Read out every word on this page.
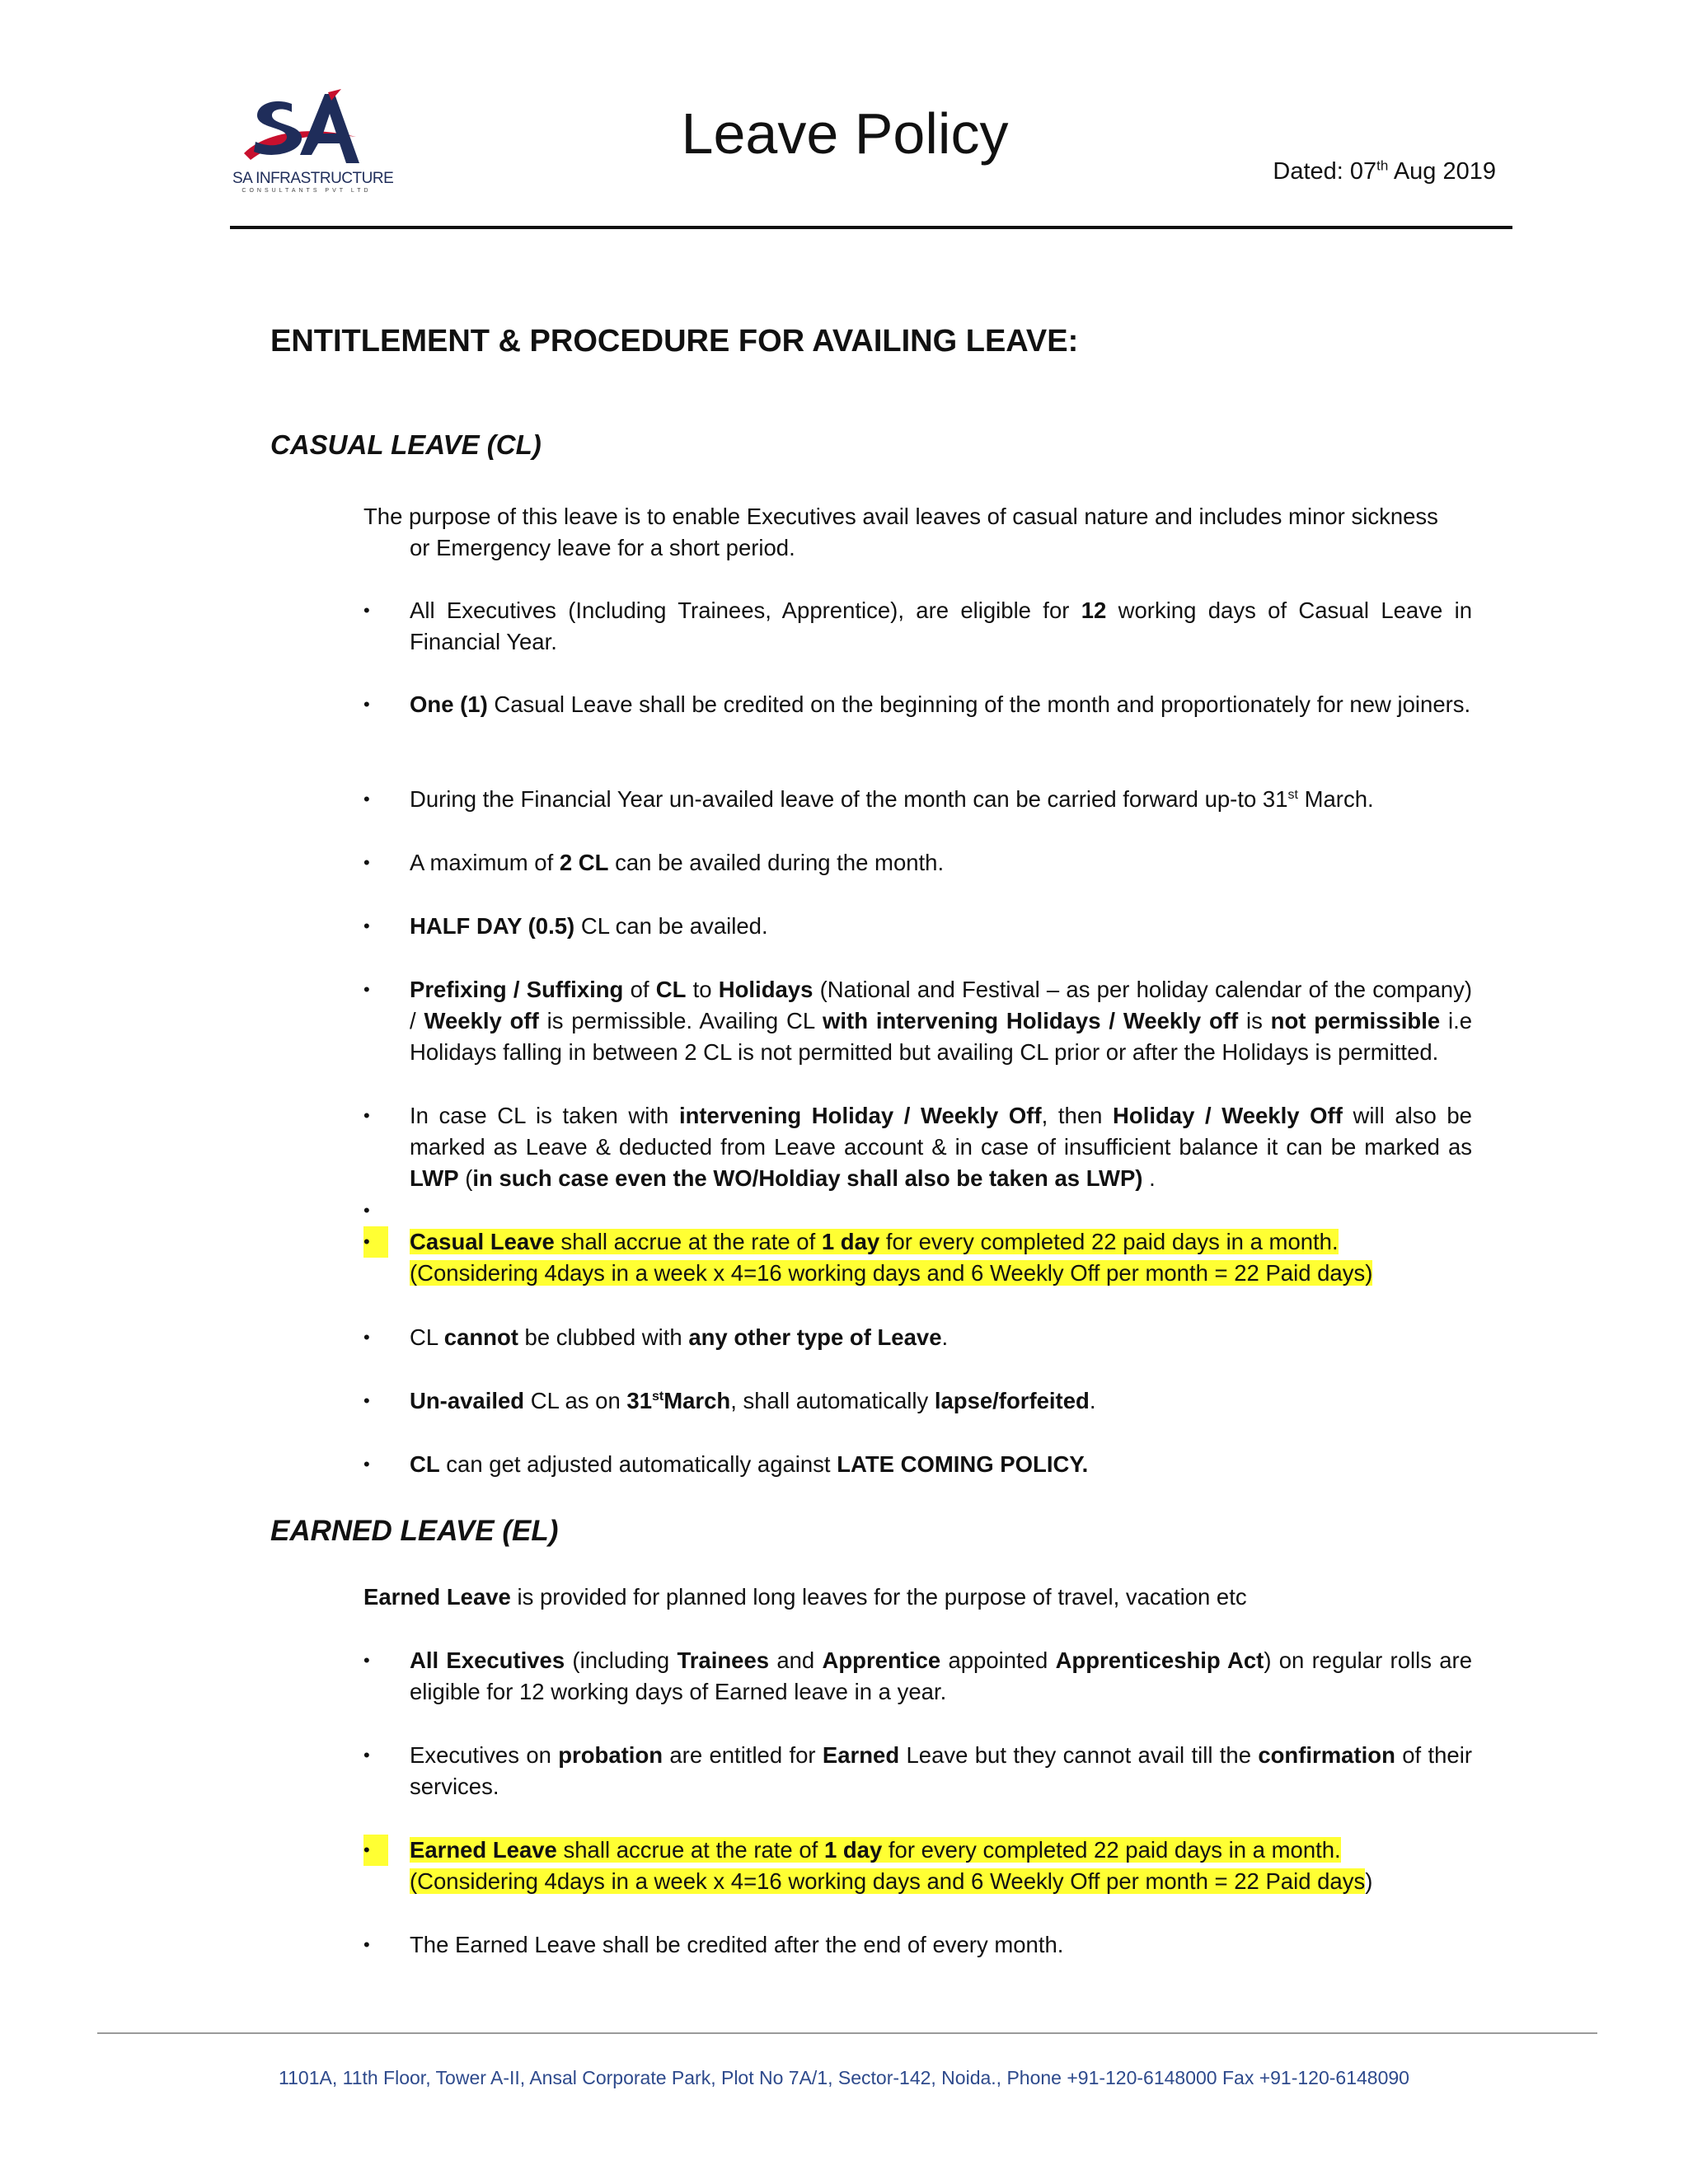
SA INFRASTRUCTURE
CONSULTANTS PVT LTD
Leave Policy
Dated: 07th Aug 2019
ENTITLEMENT & PROCEDURE FOR AVAILING LEAVE:
CASUAL LEAVE (CL)
The purpose of this leave is to enable Executives avail leaves of casual nature and includes minor sickness
or Emergency leave for a short period.
•	All Executives (Including Trainees, Apprentice), are eligible for 12 working days of Casual Leave in Financial Year.
•	One (1) Casual Leave shall be credited on the beginning of the month and proportionately for new joiners.
•	During the Financial Year un-availed leave of the month can be carried forward up-to 31st March.
•	A maximum of 2 CL can be availed during the month.
•	HALF DAY (0.5) CL can be availed.
•	Prefixing / Suffixing of CL to Holidays (National and Festival – as per holiday calendar of the company) / Weekly off is permissible. Availing CL with intervening Holidays / Weekly off is not permissible i.e Holidays falling in between 2 CL is not permitted but availing CL prior or after the Holidays is permitted.
•	In case CL is taken with intervening Holiday / Weekly Off, then Holiday / Weekly Off will also be marked as Leave & deducted from Leave account & in case of insufficient balance it can be marked as LWP (in such case even the WO/Holdiay shall also be taken as LWP) .
•
•	Casual Leave shall accrue at the rate of 1 day for every completed 22 paid days in a month.
(Considering 4days in a week x 4=16 working days and 6 Weekly Off per month = 22 Paid days)
•	CL cannot be clubbed with any other type of Leave.
•	Un-availed CL as on 31stMarch, shall automatically lapse/forfeited.
•	CL can get adjusted automatically against LATE COMING POLICY.
EARNED LEAVE (EL)
Earned Leave is provided for planned long leaves for the purpose of travel, vacation etc
•	All Executives (including Trainees and Apprentice appointed Apprenticeship Act) on regular rolls are eligible for 12 working days of Earned leave in a year.
•	Executives on probation are entitled for Earned Leave but they cannot avail till the confirmation of their services.
•	Earned Leave shall accrue at the rate of 1 day for every completed 22 paid days in a month.
(Considering 4days in a week x 4=16 working days and 6 Weekly Off per month = 22 Paid days)
•	The Earned Leave shall be credited after the end of every month.
1101A, 11th Floor, Tower A-II, Ansal Corporate Park, Plot No 7A/1, Sector-142, Noida., Phone +91-120-6148000 Fax +91-120-6148090
